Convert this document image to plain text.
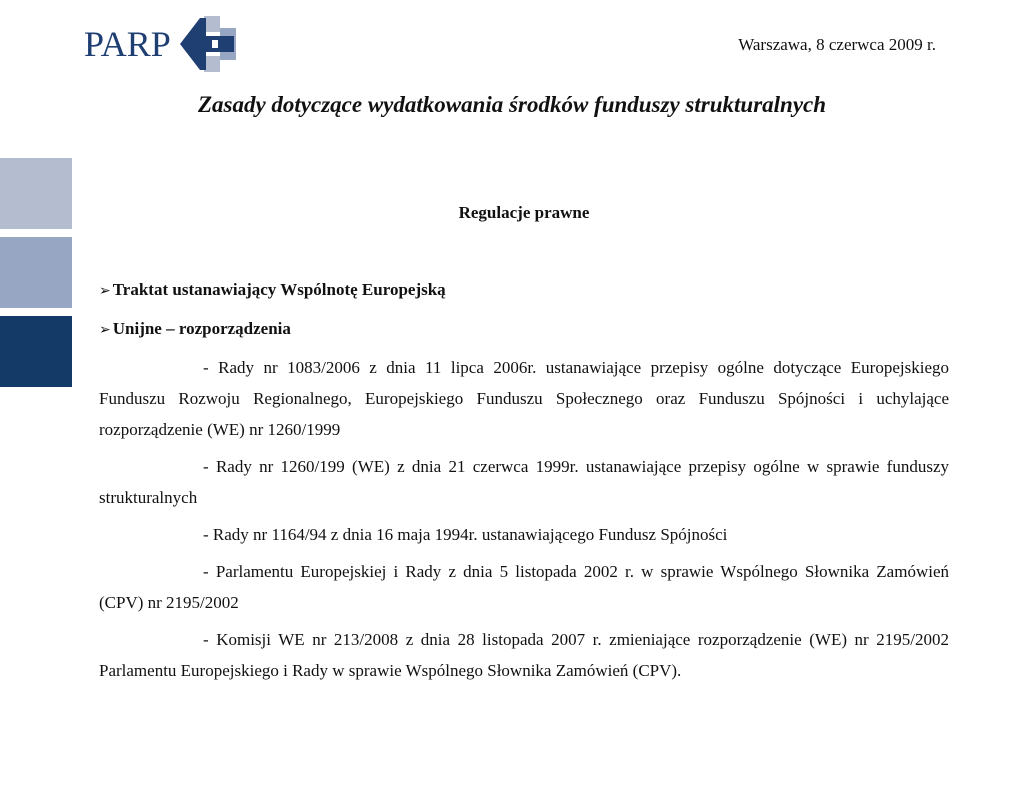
PARP	Warszawa, 8 czerwca 2009 r.
Zasady dotyczące wydatkowania środków funduszy strukturalnych
Regulacje prawne

➢ Traktat ustanawiający Wspólnotę Europejską

➢ Unijne – rozporządzenia

- Rady nr 1083/2006 z dnia 11 lipca 2006r. ustanawiające przepisy ogólne dotyczące Europejskiego Funduszu Rozwoju Regionalnego, Europejskiego Funduszu Społecznego oraz Funduszu Spójności i uchylające rozporządzenie (WE) nr 1260/1999

- Rady nr 1260/199 (WE) z dnia 21 czerwca 1999r. ustanawiające przepisy ogólne w sprawie funduszy strukturalnych

- Rady nr 1164/94 z dnia 16 maja 1994r. ustanawiającego Fundusz Spójności

- Parlamentu Europejskiej i Rady z dnia 5 listopada 2002 r. w sprawie Wspólnego Słownika Zamówień (CPV) nr 2195/2002

- Komisji WE nr 213/2008 z dnia 28 listopada 2007 r. zmieniające rozporządzenie (WE) nr 2195/2002 Parlamentu Europejskiego i Rady w sprawie Wspólnego Słownika Zamówień (CPV).
